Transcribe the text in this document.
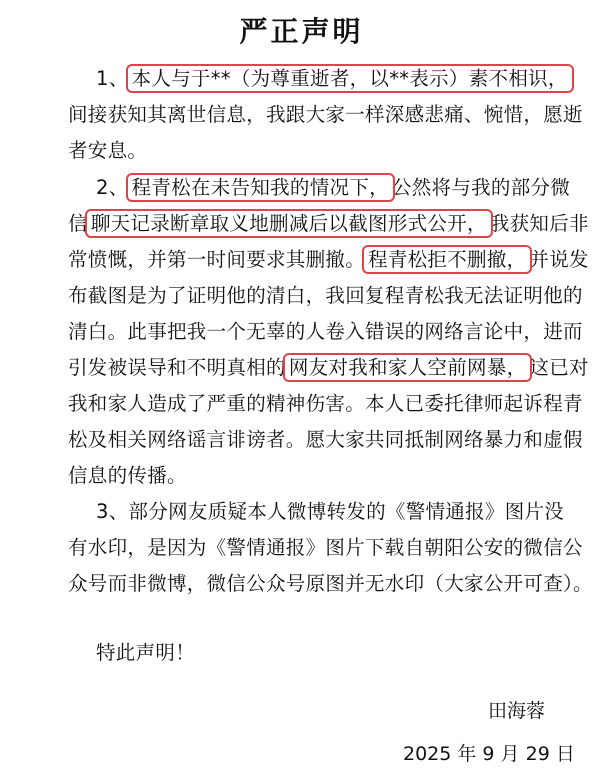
严正声明
1、 本人与于**（为尊重逝者，以**表示）素不相识，
间接获知其离世信息，我跟大家一样深感悲痛、惋惜，愿逝
者安息。
2、 程青松在未告知我的情况下， 公然将与我的部分微
信 聊天记录断章取义地删减后以截图形式公开， 我获知后非
常愤慨，并第一时间要求其删撤。 程青松拒不删撤， 并说发
布截图是为了证明他的清白，我回复程青松我无法证明他的
清白。此事把我一个无辜的人卷入错误的网络言论中，进而
引发被误导和不明真相的 网友对我和家人空前网暴， 这已对
我和家人造成了严重的精神伤害。本人已委托律师起诉程青
松及相关网络谣言诽谤者。愿大家共同抵制网络暴力和虚假
信息的传播。
3、部分网友质疑本人微博转发的《警情通报》图片没
有水印，是因为《警情通报》图片下载自朝阳公安的微信公
众号而非微博，微信公众号原图并无水印（大家公开可查）。
特此声明！
田海蓉
2025 年 9 月 29 日
